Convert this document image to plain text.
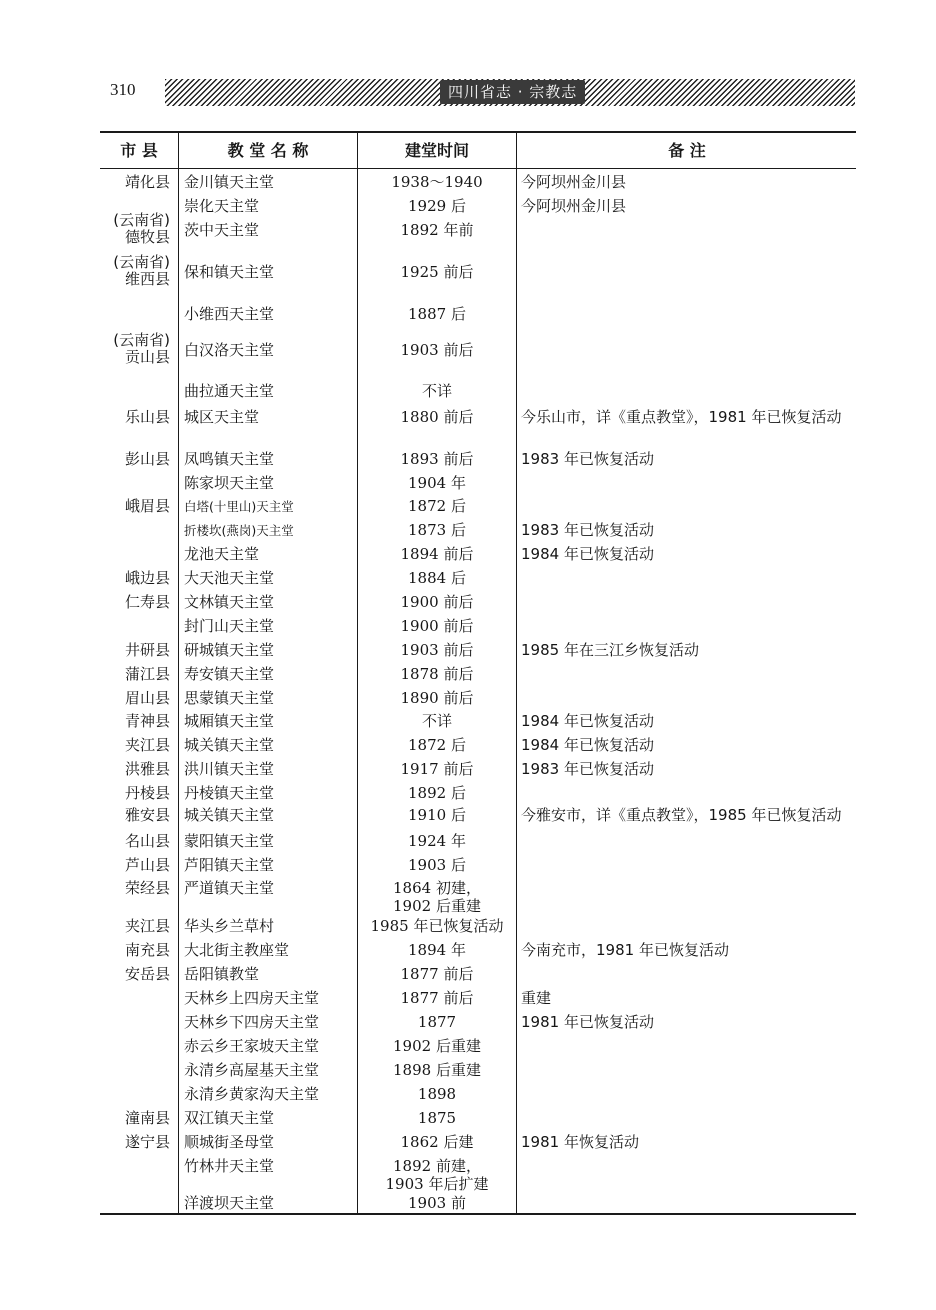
310	四川省志 · 宗教志
市 县	教 堂 名 称	建堂时间	备 注
靖化县 金川镇天主堂	1938～1940	今阿坝州金川县
崇化天主堂	1929 后	今阿坝州金川县
(云南省)
德牧县 茨中天主堂	1892 年前
(云南省)
维西县 保和镇天主堂	1925 前后
小维西天主堂	1887 后
(云南省)
贡山县 白汉洛天主堂	1903 前后
曲拉通天主堂	不详
乐山县 城区天主堂	1880 前后	今乐山市，详《重点教堂》，1981 年已恢复活动
彭山县 凤鸣镇天主堂	1893 前后	1983 年已恢复活动
陈家坝天主堂	1904 年
峨眉县 白塔(十里山)天主堂	1872 后
折楼坎(燕岗)天主堂	1873 后	1983 年已恢复活动
龙池天主堂	1894 前后	1984 年已恢复活动
峨边县 大天池天主堂	1884 后
仁寿县 文林镇天主堂	1900 前后
封门山天主堂	1900 前后
井研县 研城镇天主堂	1903 前后	1985 年在三江乡恢复活动
蒲江县 寿安镇天主堂	1878 前后
眉山县 思蒙镇天主堂	1890 前后
青神县 城厢镇天主堂	不详	1984 年已恢复活动
夹江县 城关镇天主堂	1872 后	1984 年已恢复活动
洪雅县 洪川镇天主堂	1917 前后	1983 年已恢复活动
丹棱县 丹棱镇天主堂	1892 后
雅安县 城关镇天主堂	1910 后	今雅安市，详《重点教堂》，1985 年已恢复活动
名山县 蒙阳镇天主堂	1924 年
芦山县 芦阳镇天主堂	1903 后
荣经县 严道镇天主堂	1864 初建，
1902 后重建
夹江县 华头乡兰草村	1985 年已恢复活动
南充县 大北街主教座堂	1894 年	今南充市，1981 年已恢复活动
安岳县 岳阳镇教堂	1877 前后
天林乡上四房天主堂	1877 前后	重建
天林乡下四房天主堂	1877	1981 年已恢复活动
赤云乡王家坡天主堂	1902 后重建
永清乡高屋基天主堂	1898 后重建
永清乡黄家沟天主堂	1898
潼南县 双江镇天主堂	1875
遂宁县 顺城街圣母堂	1862 后建	1981 年恢复活动
竹林井天主堂	1892 前建，
1903 年后扩建
洋渡坝天主堂	1903 前
